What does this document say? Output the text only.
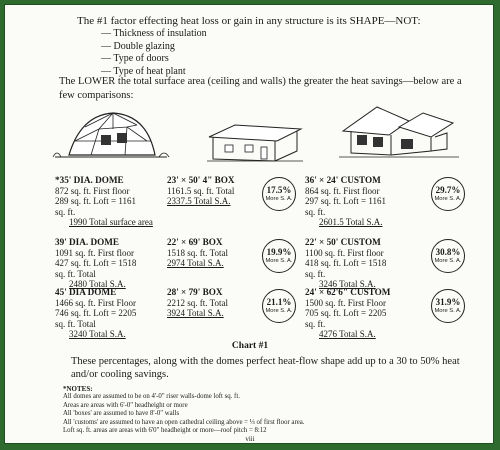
The #1 factor effecting heat loss or gain in any structure is its SHAPE—NOT:
— Thickness of insulation
— Double glazing
— Type of doors
— Type of heat plant
The LOWER the total surface area (ceiling and walls) the greater the heat savings—below are a few comparisons:
*35' DIA. DOME
872 sq. ft. First floor
289 sq. ft. Loft = 1161
sq. ft.
1990 Total surface area
23' × 50' 4" BOX
1161.5 sq. ft. Total
2337.5 Total S.A.
17.5%
More S. A.
36' × 24' CUSTOM
864 sq. ft. First floor
297 sq. ft. Loft = 1161
sq. ft.
2601.5 Total S.A.
29.7%
More S. A.
39' DIA. DOME
1091 sq. ft. First floor
427 sq. ft. Loft = 1518
sq. ft. Total
2480 Total S.A.
22' × 69' BOX
1518 sq. ft. Total
2974 Total S.A.
19.9%
More S. A.
22' × 50' CUSTOM
1100 sq. ft. First floor
418 sq. ft. Loft = 1518
sq. ft.
3246 Total S.A.
30.8%
More S. A.
45' DIA DOME
1466 sq. ft. First Floor
746 sq. ft. Loft = 2205
sq. ft. Total
3240 Total S.A.
28' × 79' BOX
2212 sq. ft. Total
3924 Total S.A.
21.1%
More S. A.
24' × 62'6" CUSTOM
1500 sq. ft. First Floor
705 sq. ft. Loft = 2205
sq. ft.
4276 Total S.A.
31.9%
More S. A.
Chart #1
These percentages, along with the domes perfect heat-flow shape add up to a 30 to 50% heat and/or cooling savings.
*NOTES:
All domes are assumed to be on 4'-0" riser walls-dome loft sq. ft.
Areas are areas with 6'-0" headheight or more
All 'boxes' are assumed to have 8'-0" walls
All 'customs' are assumed to have an open cathedral ceiling above = ⅓ of first floor area.
Loft sq. ft. areas are areas with 6'0" headheight or more—roof pitch = 8:12
viii
